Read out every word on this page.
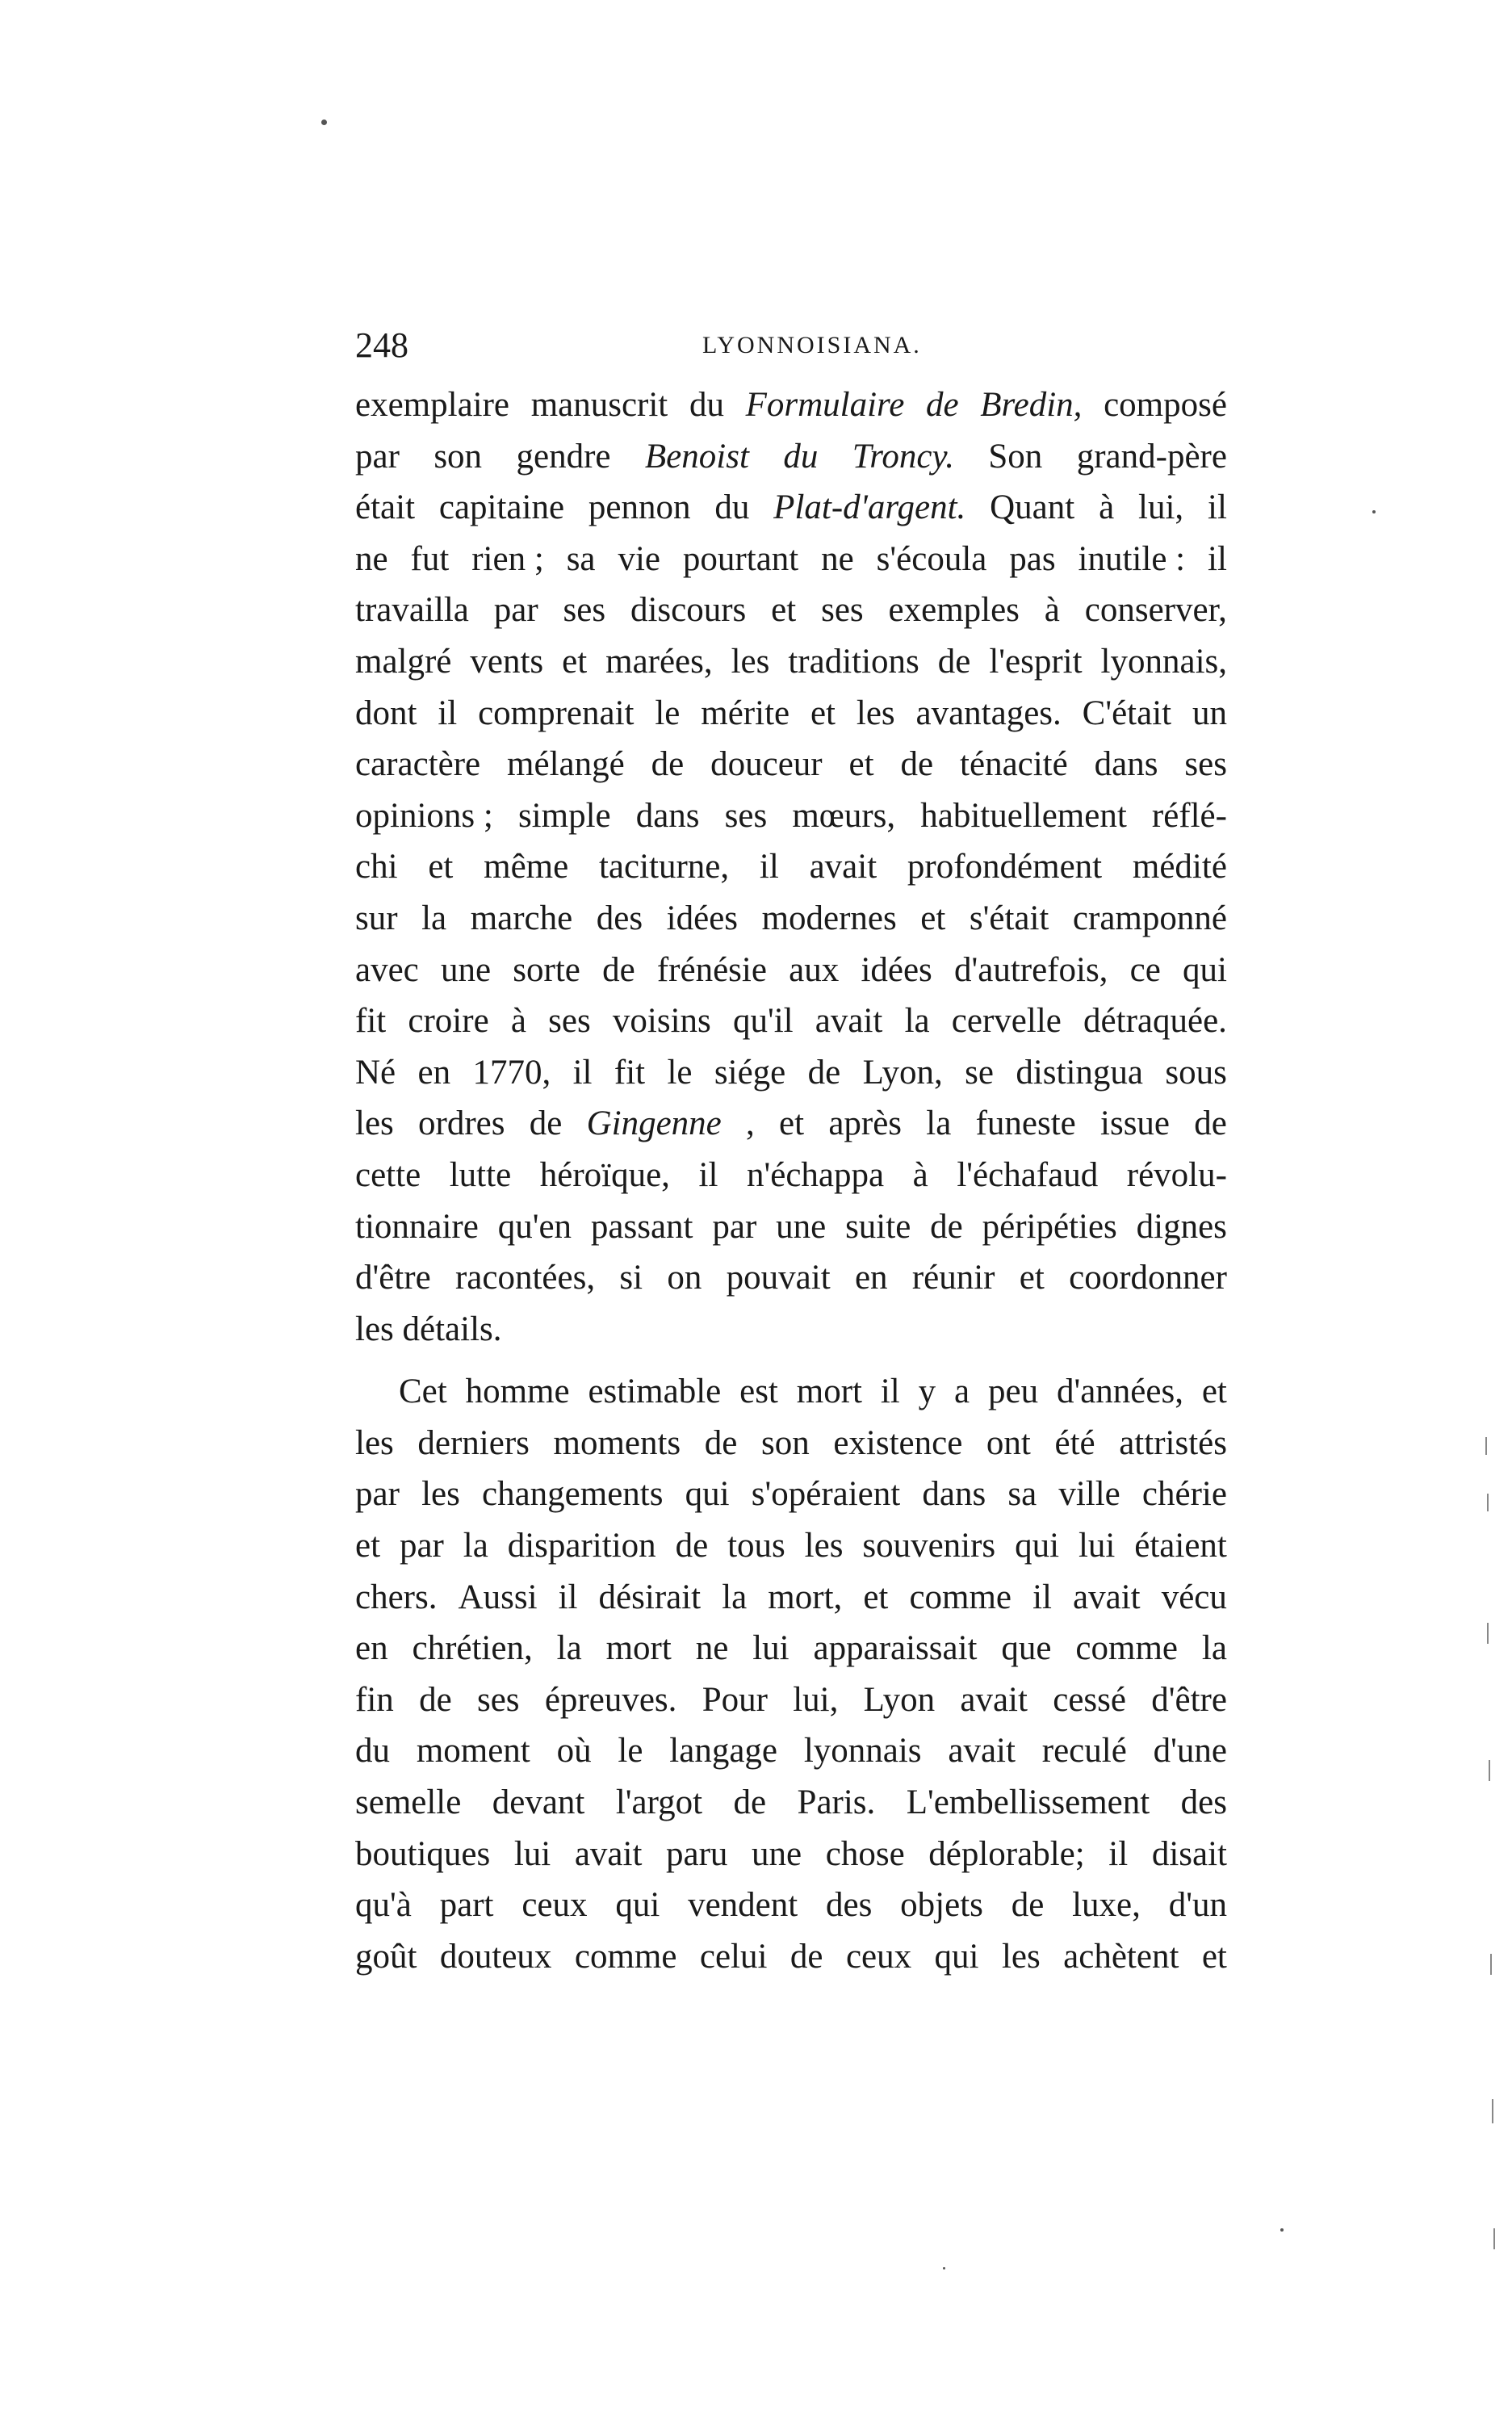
248	LYONNOISIANA.
exemplaire manuscrit du Formulaire de Bredin, composé
par son gendre Benoist du Troncy. Son grand-père
était capitaine pennon du Plat-d'argent. Quant à lui, il
ne fut rien ; sa vie pourtant ne s'écoula pas inutile : il
travailla par ses discours et ses exemples à conserver,
malgré vents et marées, les traditions de l'esprit lyonnais,
dont il comprenait le mérite et les avantages. C'était un
caractère mélangé de douceur et de ténacité dans ses
opinions ; simple dans ses mœurs, habituellement réflé-
chi et même taciturne, il avait profondément médité
sur la marche des idées modernes et s'était cramponné
avec une sorte de frénésie aux idées d'autrefois, ce qui
fit croire à ses voisins qu'il avait la cervelle détraquée.
Né en 1770, il fit le siége de Lyon, se distingua sous
les ordres de Gingenne , et après la funeste issue de
cette lutte héroïque, il n'échappa à l'échafaud révolu-
tionnaire qu'en passant par une suite de péripéties dignes
d'être racontées, si on pouvait en réunir et coordonner
les détails.
Cet homme estimable est mort il y a peu d'années, et
les derniers moments de son existence ont été attristés
par les changements qui s'opéraient dans sa ville chérie
et par la disparition de tous les souvenirs qui lui étaient
chers. Aussi il désirait la mort, et comme il avait vécu
en chrétien, la mort ne lui apparaissait que comme la
fin de ses épreuves. Pour lui, Lyon avait cessé d'être
du moment où le langage lyonnais avait reculé d'une
semelle devant l'argot de Paris. L'embellissement des
boutiques lui avait paru une chose déplorable; il disait
qu'à part ceux qui vendent des objets de luxe, d'un
goût douteux comme celui de ceux qui les achètent et
